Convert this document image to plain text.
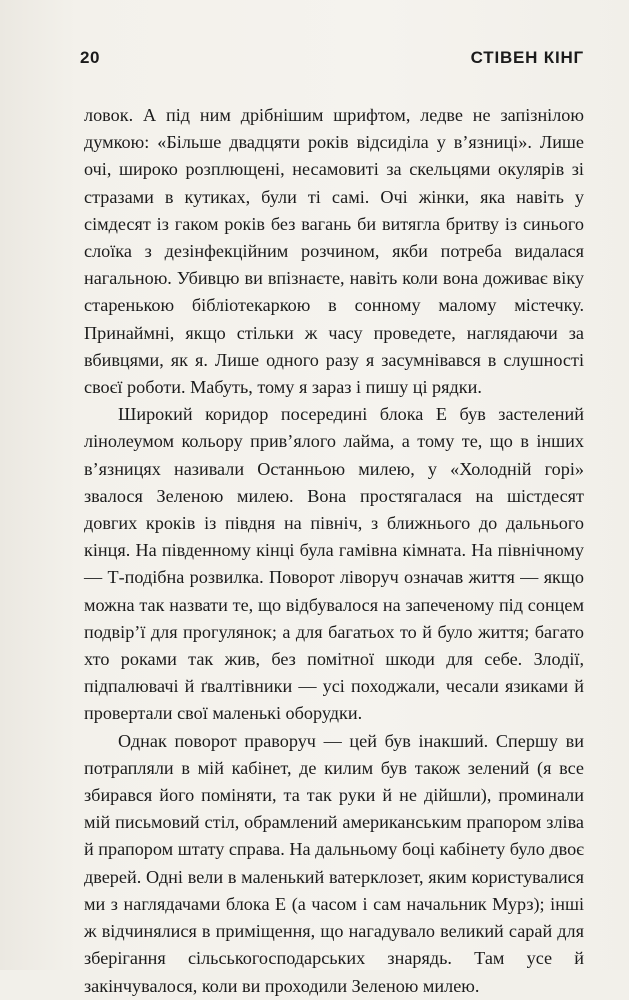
20	СТІВЕН КІНГ

ловок. А під ним дрібнішим шрифтом, ледве не запізнілою думкою: «Більше двадцяти років відсиділа у в’язниці». Лише очі, широко розплющені, несамовиті за скельцями окулярів зі стразами в кутиках, були ті самі. Очі жінки, яка навіть у сімдесят із гаком років без вагань би витягла бритву із синього слоїка з дезінфекційним розчином, якби потреба видалася нагальною. Убивцю ви впізнаєте, навіть коли вона доживає віку старенькою бібліотекаркою в сонному малому містечку. Принаймні, якщо стільки ж часу проведете, наглядаючи за вбивцями, як я. Лише одного разу я засумнівався в слушності своєї роботи. Мабуть, тому я зараз і пишу ці рядки.

Широкий коридор посередині блока Е був застелений лінолеумом кольору прив’ялого лайма, а тому те, що в інших в’язницях називали Останньою милею, у «Холодній горі» звалося Зеленою милею. Вона простягалася на шістдесят довгих кроків із півдня на північ, з ближнього до дальнього кінця. На південному кінці була гамівна кімната. На північному — Т-подібна розвилка. Поворот ліворуч означав життя — якщо можна так назвати те, що відбувалося на запеченому під сонцем подвір’ї для прогулянок; а для багатьох то й було життя; багато хто роками так жив, без помітної шкоди для себе. Злодії, підпалювачі й ґвалтівники — усі походжали, чесали язиками й провертали свої маленькі оборудки.

Однак поворот праворуч — цей був інакший. Спершу ви потрапляли в мій кабінет, де килим був також зелений (я все збирався його поміняти, та так руки й не дійшли), проминали мій письмовий стіл, обрамлений американським прапором зліва й прапором штату справа. На дальньому боці кабінету було двоє дверей. Одні вели в маленький ватерклозет, яким користувалися ми з наглядачами блока Е (а часом і сам начальник Мурз); інші ж відчинялися в приміщення, що нагадувало великий сарай для зберігання сільськогосподарських знарядь. Там усе й закінчувалося, коли ви проходили Зеленою милею.
